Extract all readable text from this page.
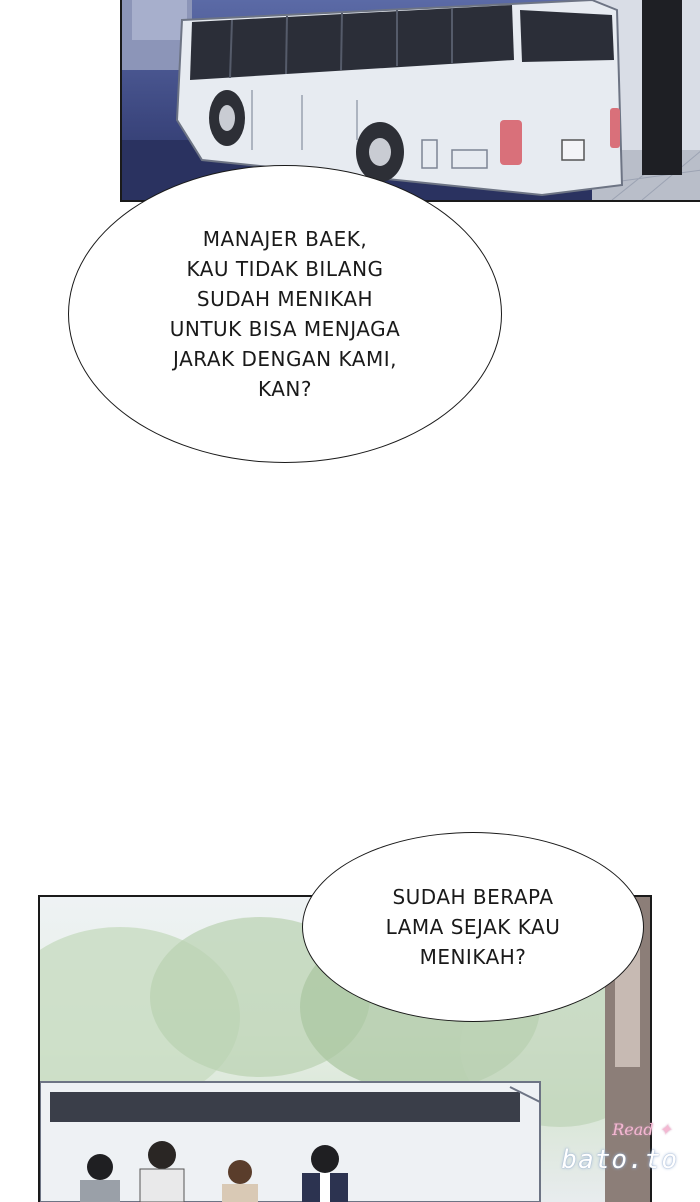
MANAJER BAEK,
KAU TIDAK BILANG
SUDAH MENIKAH
UNTUK BISA MENJAGA
JARAK DENGAN KAMI,
KAN?
SUDAH BERAPA
LAMA SEJAK KAU
MENIKAH?
Read ✦
bato.to
